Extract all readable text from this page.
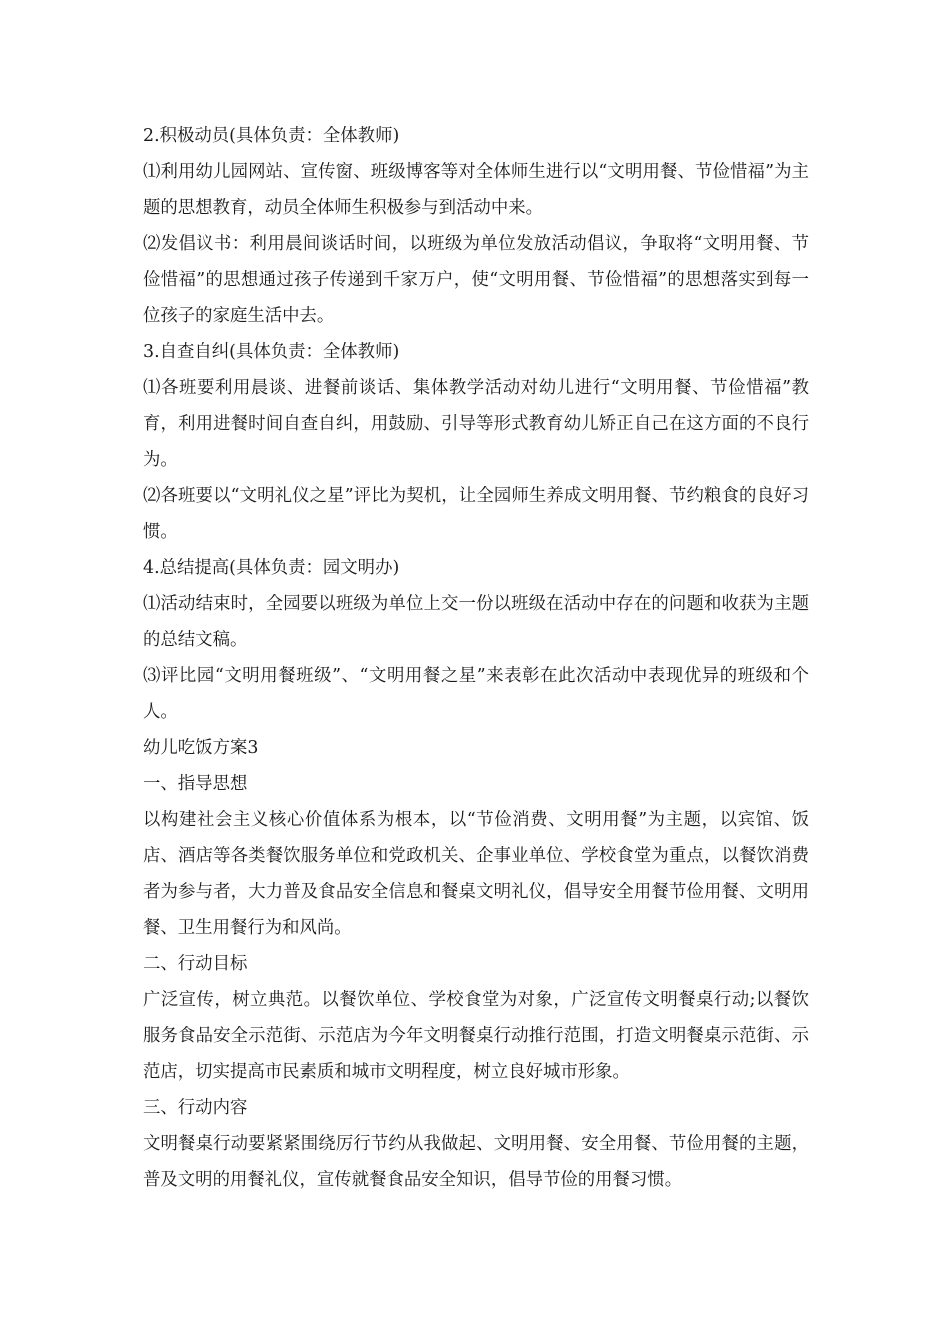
2.积极动员(具体负责：全体教师)

⑴利用幼儿园网站、宣传窗、班级博客等对全体师生进行以“文明用餐、节俭惜福”为主题的思想教育，动员全体师生积极参与到活动中来。

⑵发倡议书：利用晨间谈话时间，以班级为单位发放活动倡议，争取将“文明用餐、节俭惜福”的思想通过孩子传递到千家万户，使“文明用餐、节俭惜福”的思想落实到每一位孩子的家庭生活中去。

3.自查自纠(具体负责：全体教师)

⑴各班要利用晨谈、进餐前谈话、集体教学活动对幼儿进行“文明用餐、节俭惜福”教育，利用进餐时间自查自纠，用鼓励、引导等形式教育幼儿矫正自己在这方面的不良行为。

⑵各班要以“文明礼仪之星”评比为契机，让全园师生养成文明用餐、节约粮食的良好习惯。

4.总结提高(具体负责：园文明办)

⑴活动结束时，全园要以班级为单位上交一份以班级在活动中存在的问题和收获为主题的总结文稿。

⑶评比园“文明用餐班级”、“文明用餐之星”来表彰在此次活动中表现优异的班级和个人。

幼儿吃饭方案3

一、指导思想

以构建社会主义核心价值体系为根本，以“节俭消费、文明用餐”为主题，以宾馆、饭店、酒店等各类餐饮服务单位和党政机关、企事业单位、学校食堂为重点，以餐饮消费者为参与者，大力普及食品安全信息和餐桌文明礼仪，倡导安全用餐节俭用餐、文明用餐、卫生用餐行为和风尚。

二、行动目标

广泛宣传，树立典范。以餐饮单位、学校食堂为对象，广泛宣传文明餐桌行动;以餐饮服务食品安全示范街、示范店为今年文明餐桌行动推行范围，打造文明餐桌示范街、示范店，切实提高市民素质和城市文明程度，树立良好城市形象。

三、行动内容

文明餐桌行动要紧紧围绕厉行节约从我做起、文明用餐、安全用餐、节俭用餐的主题，普及文明的用餐礼仪，宣传就餐食品安全知识，倡导节俭的用餐习惯。
